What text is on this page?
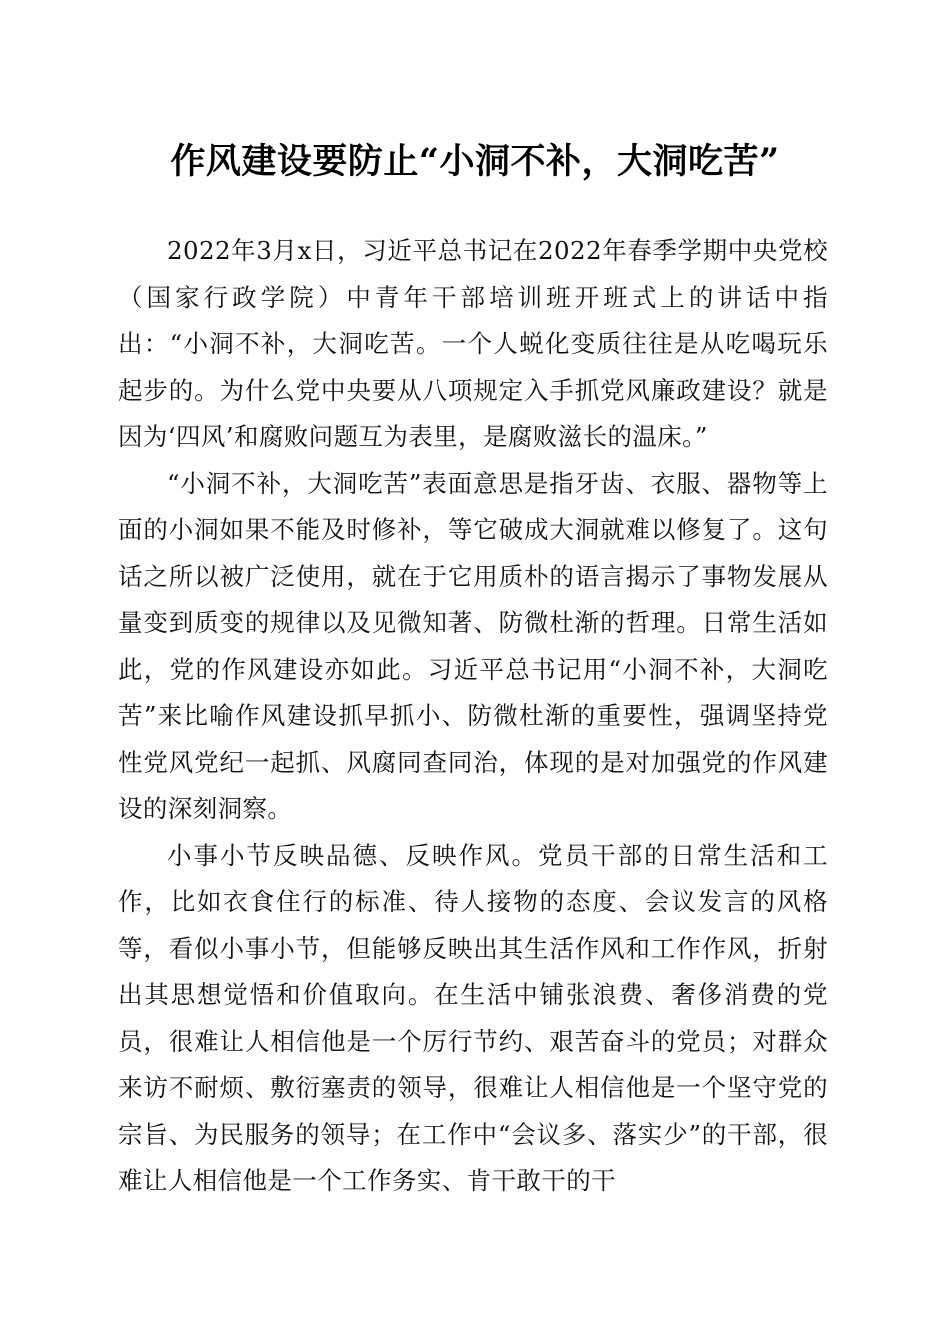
作风建设要防止“小洞不补，大洞吃苦”

2022年3月x日，习近平总书记在2022年春季学期中央党校（国家行政学院）中青年干部培训班开班式上的讲话中指出：“小洞不补，大洞吃苦。一个人蜕化变质往往是从吃喝玩乐起步的。为什么党中央要从八项规定入手抓党风廉政建设？就是因为‘四风’和腐败问题互为表里，是腐败滋长的温床。”

“小洞不补，大洞吃苦”表面意思是指牙齿、衣服、器物等上面的小洞如果不能及时修补，等它破成大洞就难以修复了。这句话之所以被广泛使用，就在于它用质朴的语言揭示了事物发展从量变到质变的规律以及见微知著、防微杜渐的哲理。日常生活如此，党的作风建设亦如此。习近平总书记用“小洞不补，大洞吃苦”来比喻作风建设抓早抓小、防微杜渐的重要性，强调坚持党性党风党纪一起抓、风腐同查同治，体现的是对加强党的作风建设的深刻洞察。

小事小节反映品德、反映作风。党员干部的日常生活和工作，比如衣食住行的标准、待人接物的态度、会议发言的风格等，看似小事小节，但能够反映出其生活作风和工作作风，折射出其思想觉悟和价值取向。在生活中铺张浪费、奢侈消费的党员，很难让人相信他是一个厉行节约、艰苦奋斗的党员；对群众来访不耐烦、敷衍塞责的领导，很难让人相信他是一个坚守党的宗旨、为民服务的领导；在工作中“会议多、落实少”的干部，很难让人相信他是一个工作务实、肯干敢干的干
